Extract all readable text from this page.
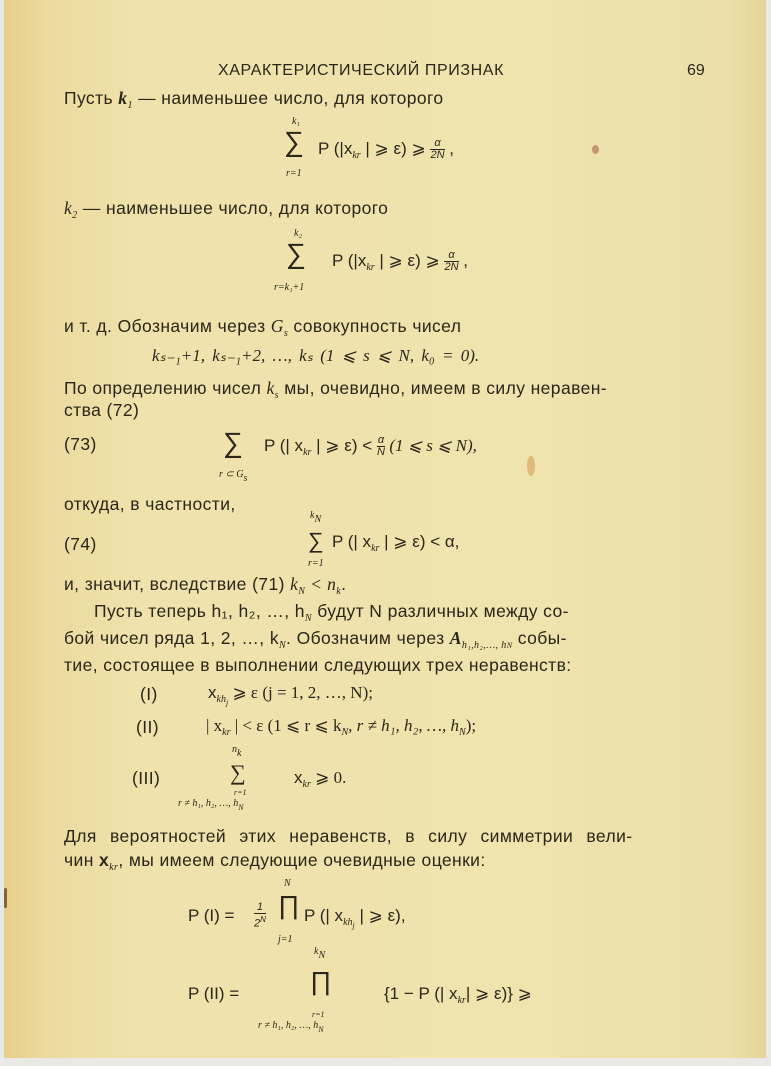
ХАРАКТЕРИСТИЧЕСКИЙ ПРИЗНАК	69
Пусть $k_1$ — наименьшее число, для которого
k₁
∑
r=1
P ($|x_{kr}$ | ⩾ ε) ⩾ $\frac{\alpha}{2N}$ ,
$k_2$ — наименьшее число, для которого
k₂
∑
r=k₁+1
P ($|x_{kr}$ | ⩾ ε) ⩾ $\frac{\alpha}{2N}$ ,
и т. д. Обозначим через $G_s$ совокупность чисел
kₛ₋₁+1, kₛ₋₁+2, …, kₛ (1 ⩽ s ⩽ N, k₀ = 0).
По определению чисел $k_s$ мы, очевидно, имеем в силу неравен-
ства (72)
(73)	∑
r ⊂ Gs
P (| $x_{kr}$ | ⩾ $\varepsilon) < \frac{\alpha}{N} (1$ ⩽ s ⩽ N),
откуда, в частности,
(74)
kN
∑
r=1
P (| $x_{kr}$ | ⩾ ε) < α,
и, значит, вследствие (71) $k_N < n_k$.
Пусть теперь h₁, h₂, …, $h_N$ будут N различных между со-
бой чисел ряда 1, 2, …, $k_N$. Обозначим через $A_{h_1,h_2,\dots, hN}$ собы-
тие, состоящее в выполнении следующих трех неравенств:
(I)	$x_{khj}$ ⩾ ε (j = 1, 2, …, N);
(II)	| $x_{kr}$ | < ε (1 ⩽ r ⩽ $k_N$, r ≠ h₁, h₂, …, $h_N$);
(III)
nk
∑
r=1
r ≠ h₁, h₂, …, $h_N$
$x_{kr}$ ⩾ 0.
Для вероятностей этих неравенств, в силу симметрии вели-
чин $x_{kr}$, мы имеем следующие очевидные оценки:
P $(I) = \frac{1}{2^N}$
N
∏
j=1
P (| $x_{khj}$ | ⩾ ε),
P (II) =
kN
∏
r=1
r ≠ h₁, h₂, …, $h_N$
{1 − P (| $x_{kr}|$ ⩾ ε)} ⩾
